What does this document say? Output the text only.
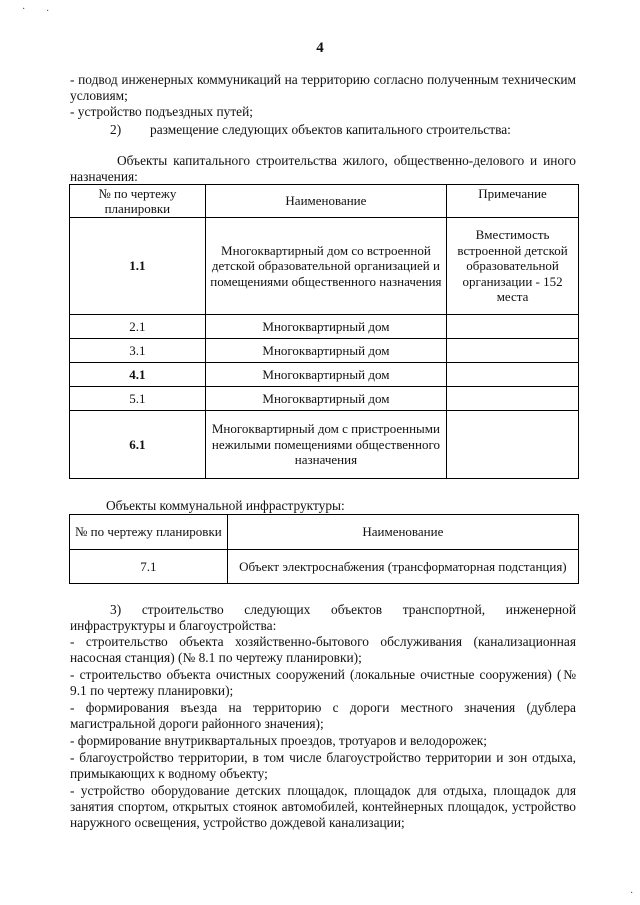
· ·
4
- подвод инженерных коммуникаций на территорию согласно полученным техническим условиям;
- устройство подъездных путей;
2) размещение следующих объектов капитального строительства:
Объекты капитального строительства жилого, общественно-делового и иного назначения:
№ по чертежу планировки	Наименование	Примечание
1.1	Многоквартирный дом со встроенной детской образовательной организацией и помещениями общественного назначения	Вместимость встроенной детской образовательной организации - 152 места
2.1	Многоквартирный дом	
3.1	Многоквартирный дом	
4.1	Многоквартирный дом	
5.1	Многоквартирный дом	
6.1	Многоквартирный дом с пристроенными нежилыми помещениями общественного назначения	
Объекты коммунальной инфраструктуры:
№ по чертежу планировки	Наименование
7.1	Объект электроснабжения (трансформаторная подстанция)
3) строительство следующих объектов транспортной, инженерной инфраструктуры и благоустройства:
- строительство объекта хозяйственно-бытового обслуживания (канализационная насосная станция) (№ 8.1 по чертежу планировки);
- строительство объекта очистных сооружений (локальные очистные сооружения) (№ 9.1 по чертежу планировки);
- формирования въезда на территорию с дороги местного значения (дублера магистральной дороги районного значения);
- формирование внутриквартальных проездов, тротуаров и велодорожек;
- благоустройство территории, в том числе благоустройство территории и зон отдыха, примыкающих к водному объекту;
- устройство оборудование детских площадок, площадок для отдыха, площадок для занятия спортом, открытых стоянок автомобилей, контейнерных площадок, устройство наружного освещения, устройство дождевой канализации;
·
